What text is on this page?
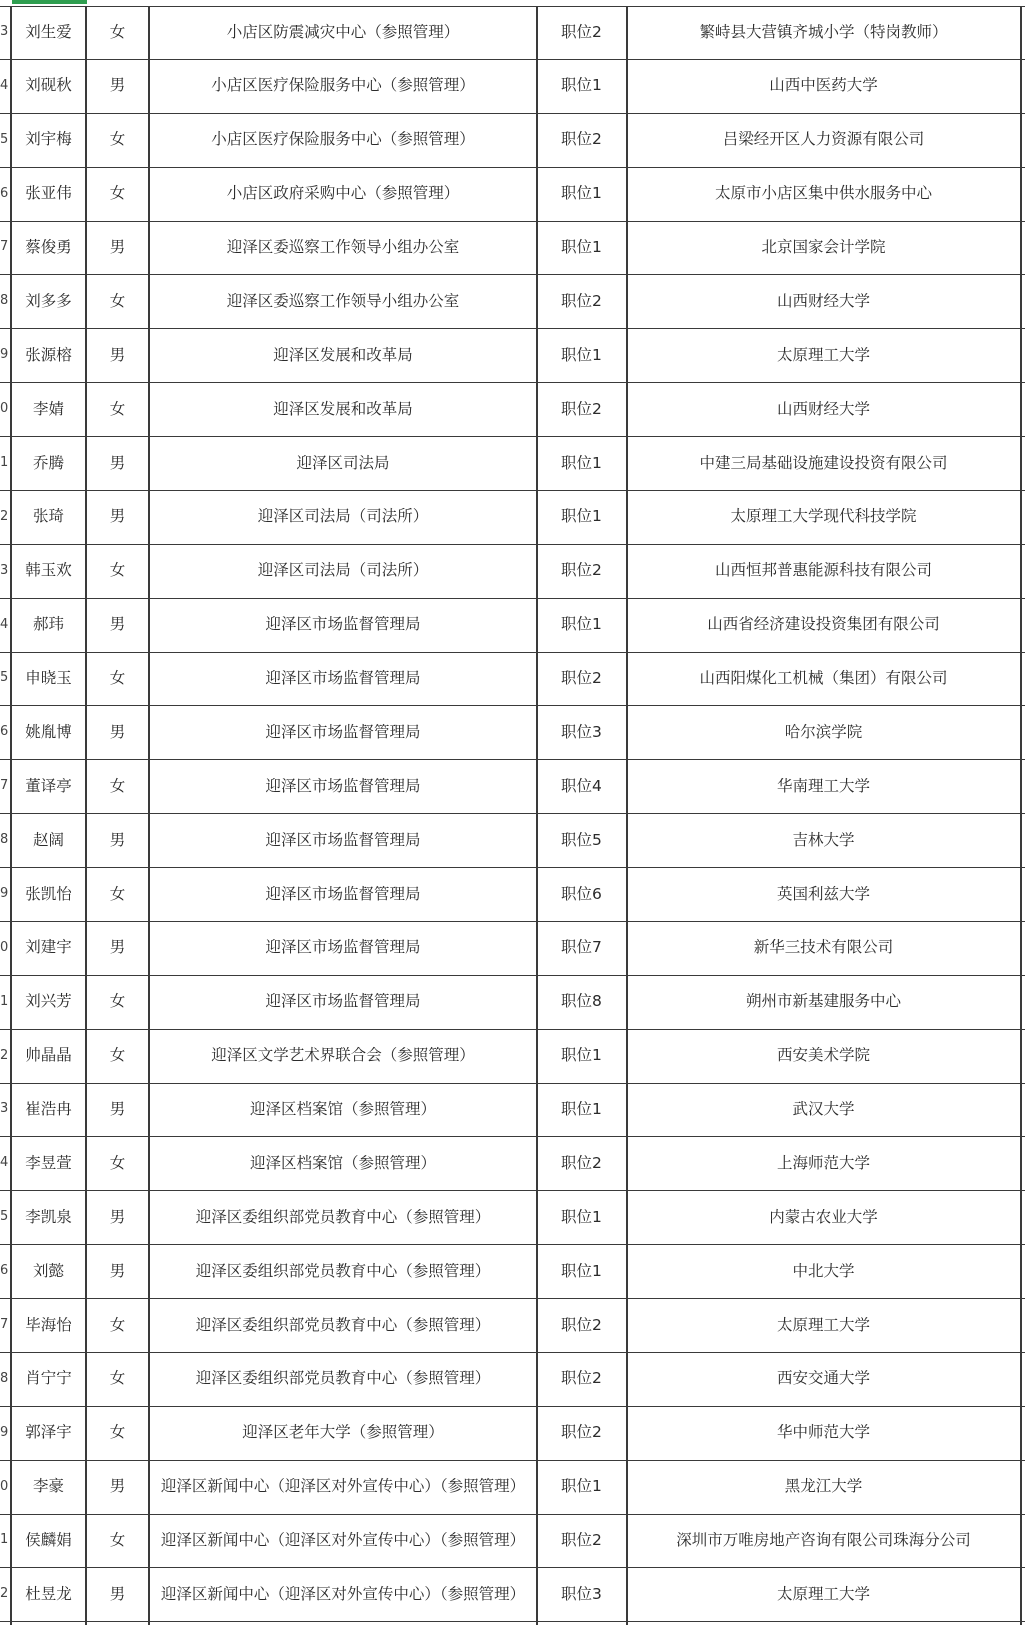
3	刘生爱	女	小店区防震减灾中心（参照管理）	职位2	繁峙县大营镇齐城小学（特岗教师）
4	刘砚秋	男	小店区医疗保险服务中心（参照管理）	职位1	山西中医药大学
5	刘宇梅	女	小店区医疗保险服务中心（参照管理）	职位2	吕梁经开区人力资源有限公司
6	张亚伟	女	小店区政府采购中心（参照管理）	职位1	太原市小店区集中供水服务中心
7	蔡俊勇	男	迎泽区委巡察工作领导小组办公室	职位1	北京国家会计学院
8	刘多多	女	迎泽区委巡察工作领导小组办公室	职位2	山西财经大学
9	张源榕	男	迎泽区发展和改革局	职位1	太原理工大学
0	李婧	女	迎泽区发展和改革局	职位2	山西财经大学
1	乔腾	男	迎泽区司法局	职位1	中建三局基础设施建设投资有限公司
2	张琦	男	迎泽区司法局（司法所）	职位1	太原理工大学现代科技学院
3	韩玉欢	女	迎泽区司法局（司法所）	职位2	山西恒邦普惠能源科技有限公司
4	郝玮	男	迎泽区市场监督管理局	职位1	山西省经济建设投资集团有限公司
5	申晓玉	女	迎泽区市场监督管理局	职位2	山西阳煤化工机械（集团）有限公司
6	姚胤博	男	迎泽区市场监督管理局	职位3	哈尔滨学院
7	董译亭	女	迎泽区市场监督管理局	职位4	华南理工大学
8	赵阔	男	迎泽区市场监督管理局	职位5	吉林大学
9	张凯怡	女	迎泽区市场监督管理局	职位6	英国利兹大学
0	刘建宇	男	迎泽区市场监督管理局	职位7	新华三技术有限公司
1	刘兴芳	女	迎泽区市场监督管理局	职位8	朔州市新基建服务中心
2	帅晶晶	女	迎泽区文学艺术界联合会（参照管理）	职位1	西安美术学院
3	崔浩冉	男	迎泽区档案馆（参照管理）	职位1	武汉大学
4	李昱萱	女	迎泽区档案馆（参照管理）	职位2	上海师范大学
5	李凯泉	男	迎泽区委组织部党员教育中心（参照管理）	职位1	内蒙古农业大学
6	刘懿	男	迎泽区委组织部党员教育中心（参照管理）	职位1	中北大学
7	毕海怡	女	迎泽区委组织部党员教育中心（参照管理）	职位2	太原理工大学
8	肖宁宁	女	迎泽区委组织部党员教育中心（参照管理）	职位2	西安交通大学
9	郭泽宇	女	迎泽区老年大学（参照管理）	职位2	华中师范大学
0	李豪	男	迎泽区新闻中心（迎泽区对外宣传中心）（参照管理）	职位1	黑龙江大学
1	侯麟娟	女	迎泽区新闻中心（迎泽区对外宣传中心）（参照管理）	职位2	深圳市万唯房地产咨询有限公司珠海分公司
2	杜昱龙	男	迎泽区新闻中心（迎泽区对外宣传中心）（参照管理）	职位3	太原理工大学
